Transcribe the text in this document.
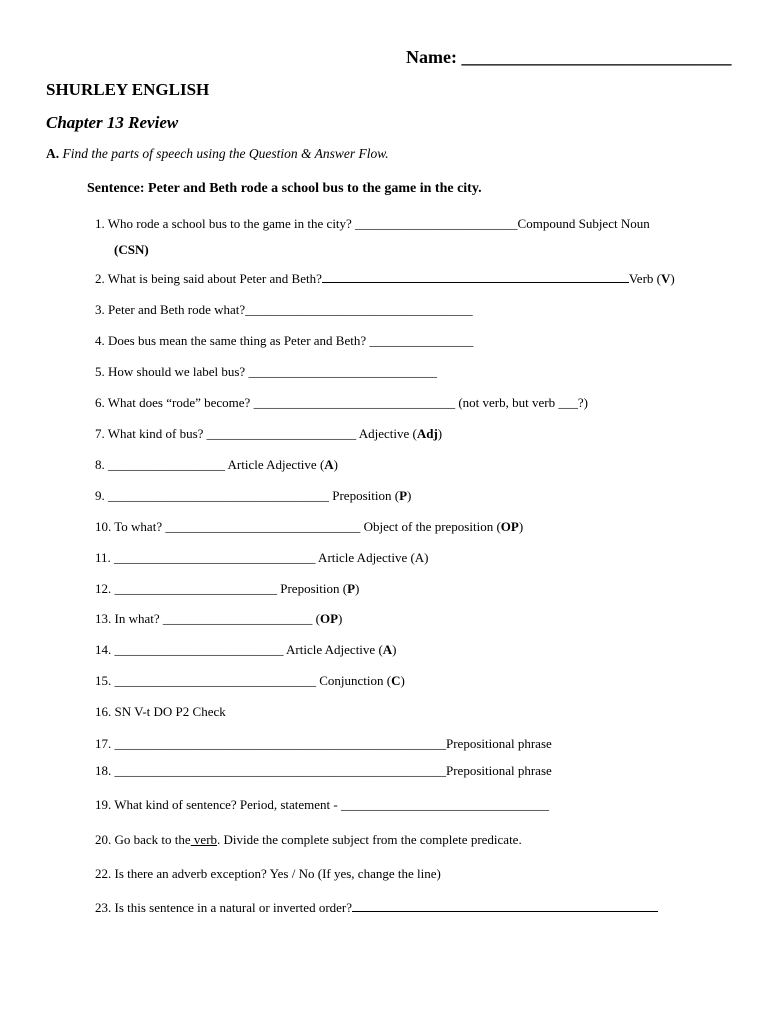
Name: ______________________________
SHURLEY ENGLISH
Chapter 13 Review
A. Find the parts of speech using the Question & Answer Flow.
Sentence: Peter and Beth rode a school bus to the game in the city.
1. Who rode a school bus to the game in the city? _________________________Compound Subject Noun
(CSN)
2. What is being said about Peter and Beth?	Verb (V)
3. Peter and Beth rode what?___________________________________
4. Does bus mean the same thing as Peter and Beth? ________________
5. How should we label bus? _____________________________
6. What does “rode” become? _______________________________ (not verb, but verb ___?)
7. What kind of bus? _______________________ Adjective (Adj)
8. __________________ Article Adjective (A)
9. __________________________________ Preposition (P)
10. To what? ______________________________ Object of the preposition (OP)
11. _______________________________ Article Adjective (A)
12. _________________________ Preposition (P)
13. In what? _______________________ (OP)
14. __________________________ Article Adjective (A)
15. _______________________________ Conjunction (C)
16. SN V-t DO P2 Check
17. ___________________________________________________Prepositional phrase
18. ___________________________________________________Prepositional phrase
19. What kind of sentence? Period, statement - ________________________________
20. Go back to the verb. Divide the complete subject from the complete predicate.
22. Is there an adverb exception? Yes / No (If yes, change the line)
23. Is this sentence in a natural or inverted order?
